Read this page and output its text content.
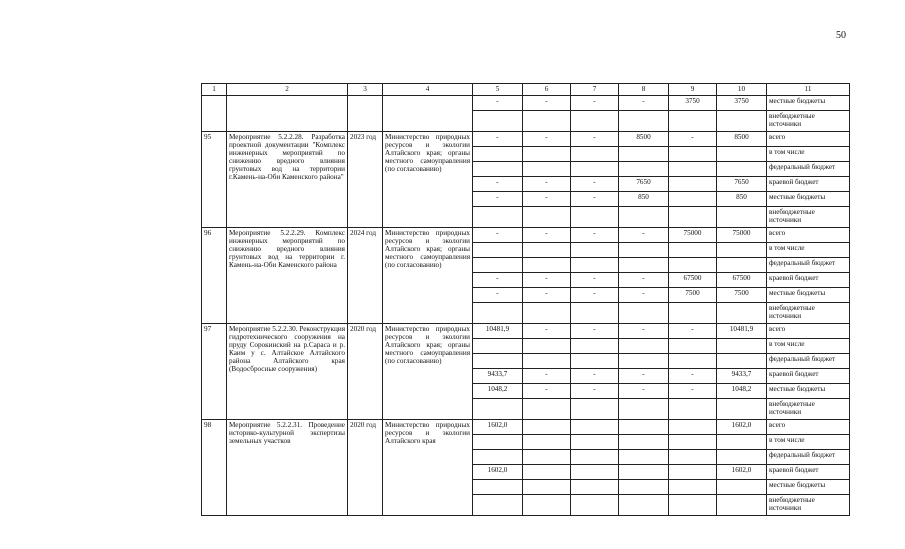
50
1	2	3	4	5	6	7	8	9	10	11
				-	-	-	-	3750	3750	местные бюджеты
										внебюджетные источники
95	Мероприятие 5.2.2.28. Разработка проектной документации "Комплекс инженерных мероприятий по снижению вредного влияния грунтовых вод на территории г.Камень-на-Оби Каменского района"	2023 год	Министерство природных ресурсов и экологии Алтайского края; органы местного самоуправления (по согласованию)	-	-	-	8500	-	8500	всего
										в том числе
										федеральный бюджет
				-	-	-	7650		7650	краевой бюджет
				-	-	-	850		850	местные бюджеты
										внебюджетные источники
96	Мероприятие 5.2.2.29. Комплекс инженерных мероприятий по снижению вредного влияния грунтовых вод на территории г. Камень-на-Оби Каменского района	2024 год	Министерство природных ресурсов и экологии Алтайского края; органы местного самоуправления (по согласованию)	-	-	-	-	75000	75000	всего
										в том числе
										федеральный бюджет
				-	-	-	-	67500	67500	краевой бюджет
				-	-	-	-	7500	7500	местные бюджеты
										внебюджетные источники
97	Мероприятие 5.2.2.30. Реконструкция гидротехнического сооружения на пруду Сорокинский на р.Сараса и р. Каим у с. Алтайское Алтайского района Алтайского края (Водосбросные сооружения)	2020 год	Министерство природных ресурсов и экологии Алтайского края; органы местного самоуправления (по согласованию)	10481,9	-	-	-	-	10481,9	всего
										в том числе
										федеральный бюджет
				9433,7	-	-	-	-	9433,7	краевой бюджет
				1048,2	-	-	-	-	1048,2	местные бюджеты
										внебюджетные источники
98	Мероприятие 5.2.2.31. Проведение историко-культурной экспертизы земельных участков	2020 год	Министерство природных ресурсов и экологии Алтайского края	1602,0					1602,0	всего
										в том числе
										федеральный бюджет
				1602,0					1602,0	краевой бюджет
										местные бюджеты
										внебюджетные источники
